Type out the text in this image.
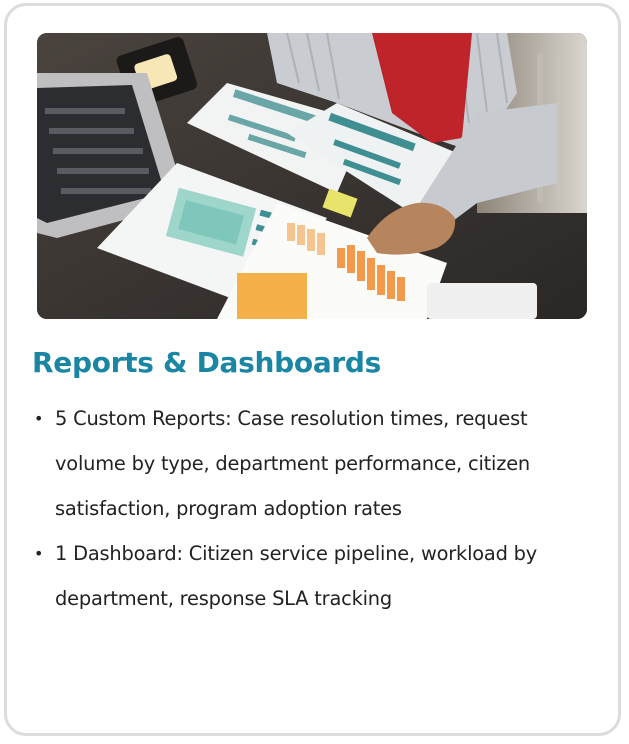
Reports & Dashboards
• 5 Custom Reports: Case resolution times, request volume by type, department performance, citizen satisfaction, program adoption rates
• 1 Dashboard: Citizen service pipeline, workload by department, response SLA tracking
